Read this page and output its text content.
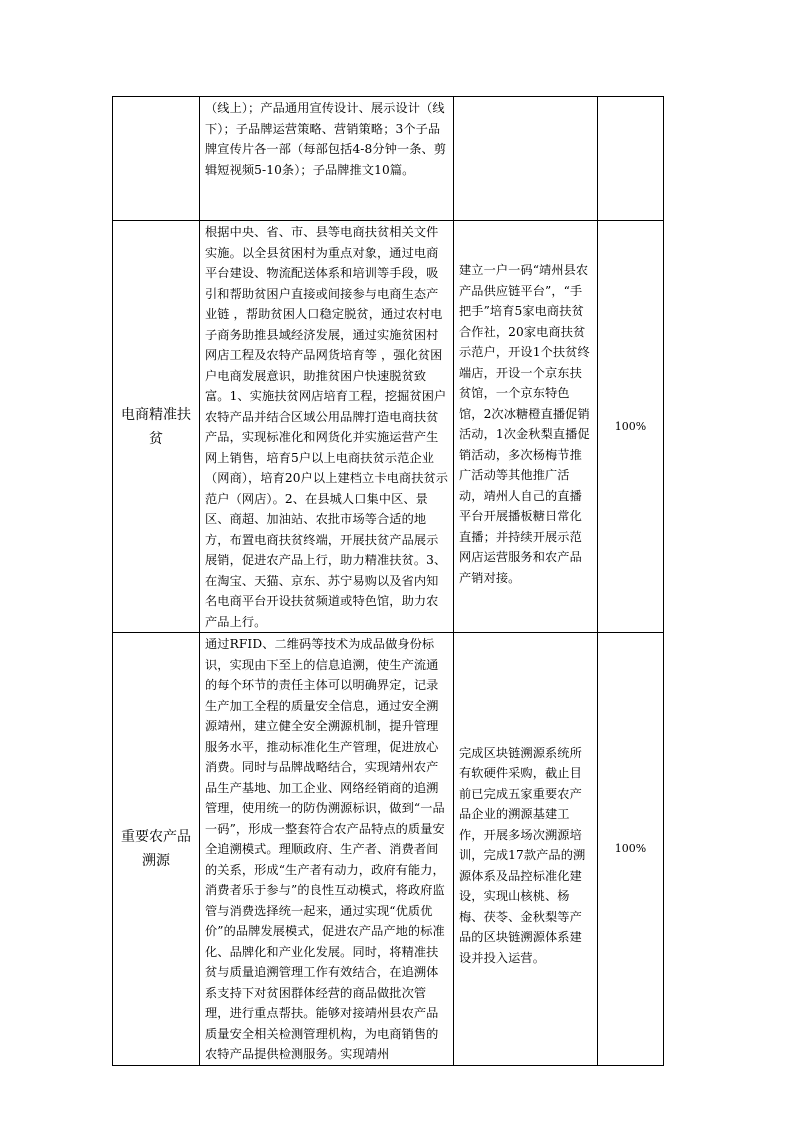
	（线上）；产品通用宣传设计、展示设计（线下）；子品牌运营策略、营销策略；3个子品牌宣传片各一部（每部包括4-8分钟一条、剪辑短视频5-10条）；子品牌推文10篇。		

电商精准扶贫	根据中央、省、市、县等电商扶贫相关文件实施。以全县贫困村为重点对象，通过电商平台建设、物流配送体系和培训等手段，吸引和帮助贫困户直接或间接参与电商生态产业链 ，帮助贫困人口稳定脱贫，通过农村电子商务助推县域经济发展，通过实施贫困村网店工程及农特产品网货培育等 ，强化贫困户电商发展意识，助推贫困户快速脱贫致富。1、实施扶贫网店培育工程，挖掘贫困户农特产品并结合区域公用品牌打造电商扶贫产品，实现标准化和网货化并实施运营产生网上销售，培育5户以上电商扶贫示范企业（网商），培育20户以上建档立卡电商扶贫示范户（网店）。2、在县城人口集中区、景区、商超、加油站、农批市场等合适的地方，布置电商扶贫终端，开展扶贫产品展示展销，促进农产品上行，助力精准扶贫。3、在淘宝、天猫、京东、苏宁易购以及省内知名电商平台开设扶贫频道或特色馆，助力农产品上行。	建立一户一码“靖州县农产品供应链平台”，“手把手”培育5家电商扶贫合作社，20家电商扶贫示范户，开设1个扶贫终端店，开设一个京东扶贫馆，一个京东特色馆，2次冰糖橙直播促销活动，1次金秋梨直播促销活动，多次杨梅节推广活动等其他推广活动，靖州人自己的直播平台开展播板糖日常化直播；并持续开展示范网店运营服务和农产品产销对接。	100%

重要农产品溯源	通过RFID、二维码等技术为成品做身份标识，实现由下至上的信息追溯，使生产流通的每个环节的责任主体可以明确界定，记录生产加工全程的质量安全信息，通过安全溯源靖州，建立健全安全溯源机制，提升管理服务水平，推动标准化生产管理，促进放心消费。同时与品牌战略结合，实现靖州农产品生产基地、加工企业、网络经销商的追溯管理，使用统一的防伪溯源标识，做到“一品一码”，形成一整套符合农产品特点的质量安全追溯模式。理顺政府、生产者、消费者间的关系，形成“生产者有动力，政府有能力，消费者乐于参与”的良性互动模式，将政府监管与消费选择统一起来，通过实现“优质优价”的品牌发展模式，促进农产品产地的标准化、品牌化和产业化发展。同时，将精准扶贫与质量追溯管理工作有效结合，在追溯体系支持下对贫困群体经营的商品做批次管理，进行重点帮扶。能够对接靖州县农产品质量安全相关检测管理机构，为电商销售的农特产品提供检测服务。实现靖州	完成区块链溯源系统所有软硬件采购，截止目前已完成五家重要农产品企业的溯源基建工作，开展多场次溯源培训，完成17款产品的溯源体系及品控标准化建设，实现山核桃、杨梅、茯苓、金秋梨等产品的区块链溯源体系建设并投入运营。	100%
